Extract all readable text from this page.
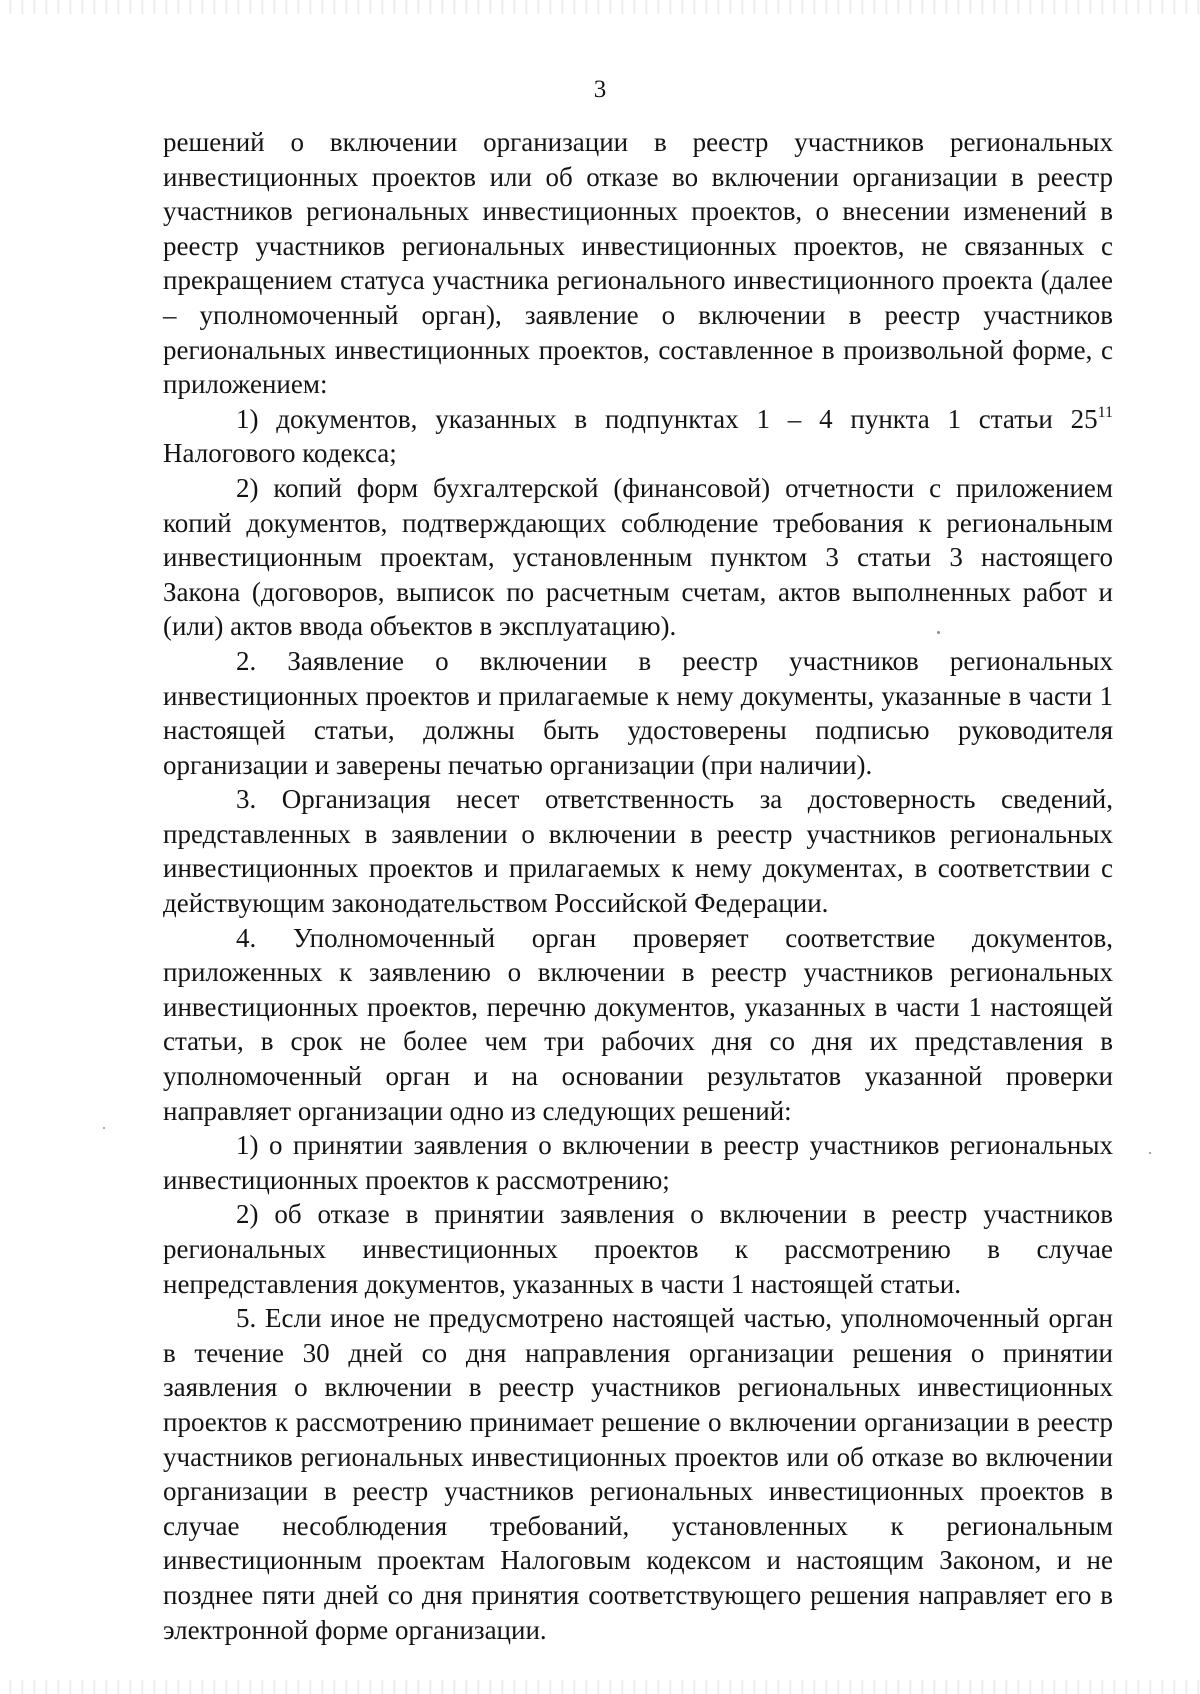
3

решений о включении организации в реестр участников региональных инвестиционных проектов или об отказе во включении организации в реестр участников региональных инвестиционных проектов, о внесении изменений в реестр участников региональных инвестиционных проектов, не связанных с прекращением статуса участника регионального инвестиционного проекта (далее – уполномоченный орган), заявление о включении в реестр участников региональных инвестиционных проектов, составленное в произвольной форме, с приложением:

1) документов, указанных в подпунктах 1 – 4 пункта 1 статьи $25^{11}$ Налогового кодекса;

2) копий форм бухгалтерской (финансовой) отчетности с приложением копий документов, подтверждающих соблюдение требования к региональным инвестиционным проектам, установленным пунктом 3 статьи 3 настоящего Закона (договоров, выписок по расчетным счетам, актов выполненных работ и (или) актов ввода объектов в эксплуатацию).

2. Заявление о включении в реестр участников региональных инвестиционных проектов и прилагаемые к нему документы, указанные в части 1 настоящей статьи, должны быть удостоверены подписью руководителя организации и заверены печатью организации (при наличии).

3. Организация несет ответственность за достоверность сведений, представленных в заявлении о включении в реестр участников региональных инвестиционных проектов и прилагаемых к нему документах, в соответствии с действующим законодательством Российской Федерации.

4. Уполномоченный орган проверяет соответствие документов, приложенных к заявлению о включении в реестр участников региональных инвестиционных проектов, перечню документов, указанных в части 1 настоящей статьи, в срок не более чем три рабочих дня со дня их представления в уполномоченный орган и на основании результатов указанной проверки направляет организации одно из следующих решений:

1) о принятии заявления о включении в реестр участников региональных инвестиционных проектов к рассмотрению;

2) об отказе в принятии заявления о включении в реестр участников региональных инвестиционных проектов к рассмотрению в случае непредставления документов, указанных в части 1 настоящей статьи.

5. Если иное не предусмотрено настоящей частью, уполномоченный орган в течение 30 дней со дня направления организации решения о принятии заявления о включении в реестр участников региональных инвестиционных проектов к рассмотрению принимает решение о включении организации в реестр участников региональных инвестиционных проектов или об отказе во включении организации в реестр участников региональных инвестиционных проектов в случае несоблюдения требований, установленных к региональным инвестиционным проектам Налоговым кодексом и настоящим Законом, и не позднее пяти дней со дня принятия соответствующего решения направляет его в электронной форме организации.
